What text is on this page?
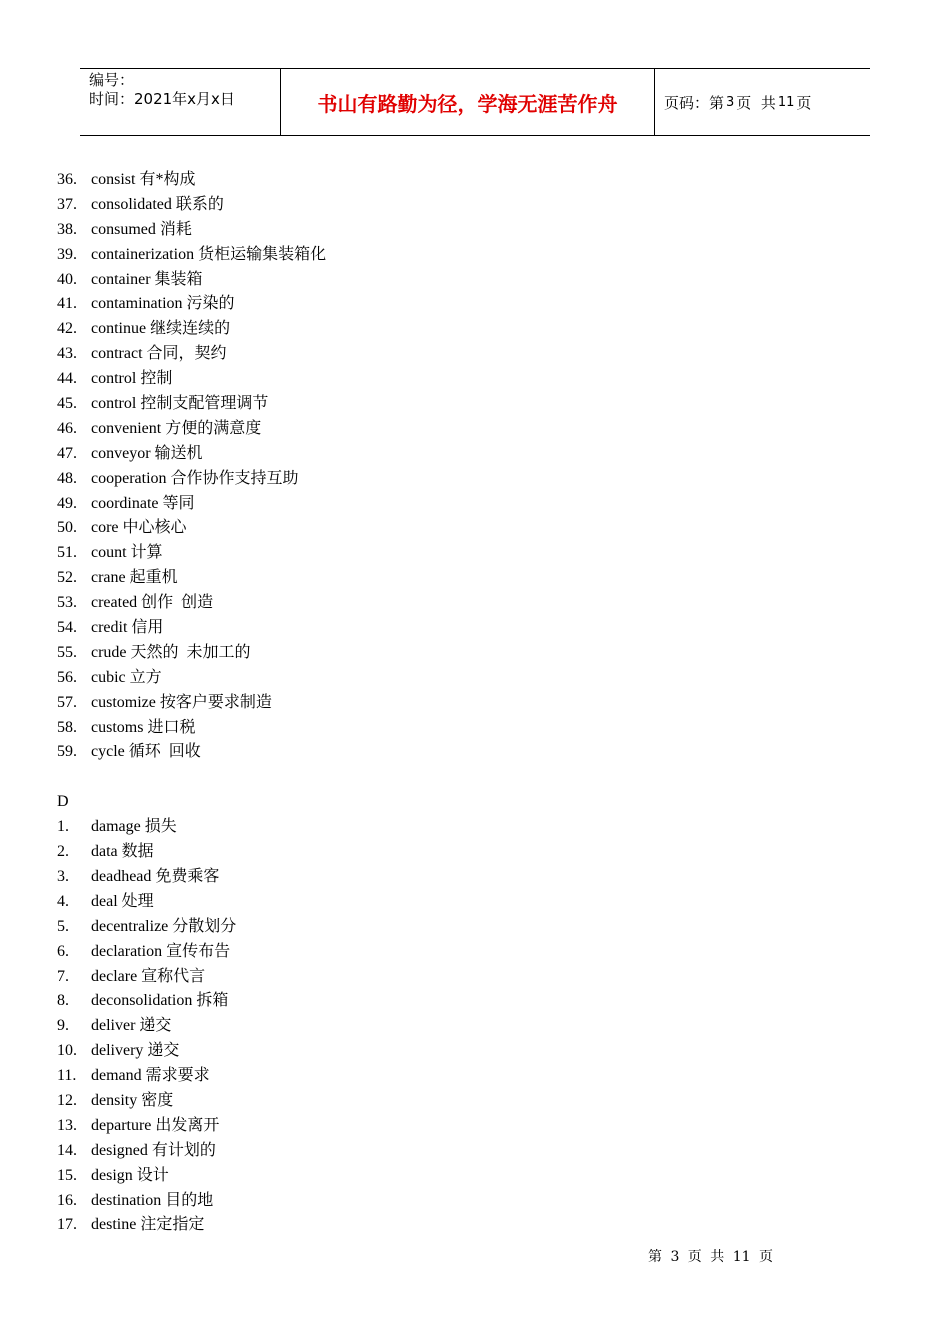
编号：
时间：2021年x月x日	书山有路勤为径，学海无涯苦作舟	页码：第 3 页  共 11 页
36. consist 有*构成
37. consolidated 联系的
38. consumed 消耗
39. containerization 货柜运输集装箱化
40. container 集装箱
41. contamination 污染的
42. continue 继续连续的
43. contract 合同，契约
44. control 控制
45. control 控制支配管理调节
46. convenient 方便的满意度
47. conveyor 输送机
48. cooperation 合作协作支持互助
49. coordinate 等同
50. core 中心核心
51. count 计算
52. crane 起重机
53. created 创作  创造
54. credit 信用
55. crude 天然的  未加工的
56. cubic 立方
57. customize 按客户要求制造
58. customs 进口税
59. cycle 循环  回收
D
1.	damage 损失
2.	data 数据
3.	deadhead 免费乘客
4.	deal 处理
5.	decentralize 分散划分
6.	declaration 宣传布告
7.	declare 宣称代言
8.	deconsolidation 拆箱
9.	deliver 递交
10. delivery 递交
11. demand 需求要求
12. density 密度
13. departure 出发离开
14. designed 有计划的
15. design 设计
16. destination 目的地
17. destine 注定指定
第 3 页 共 11 页
